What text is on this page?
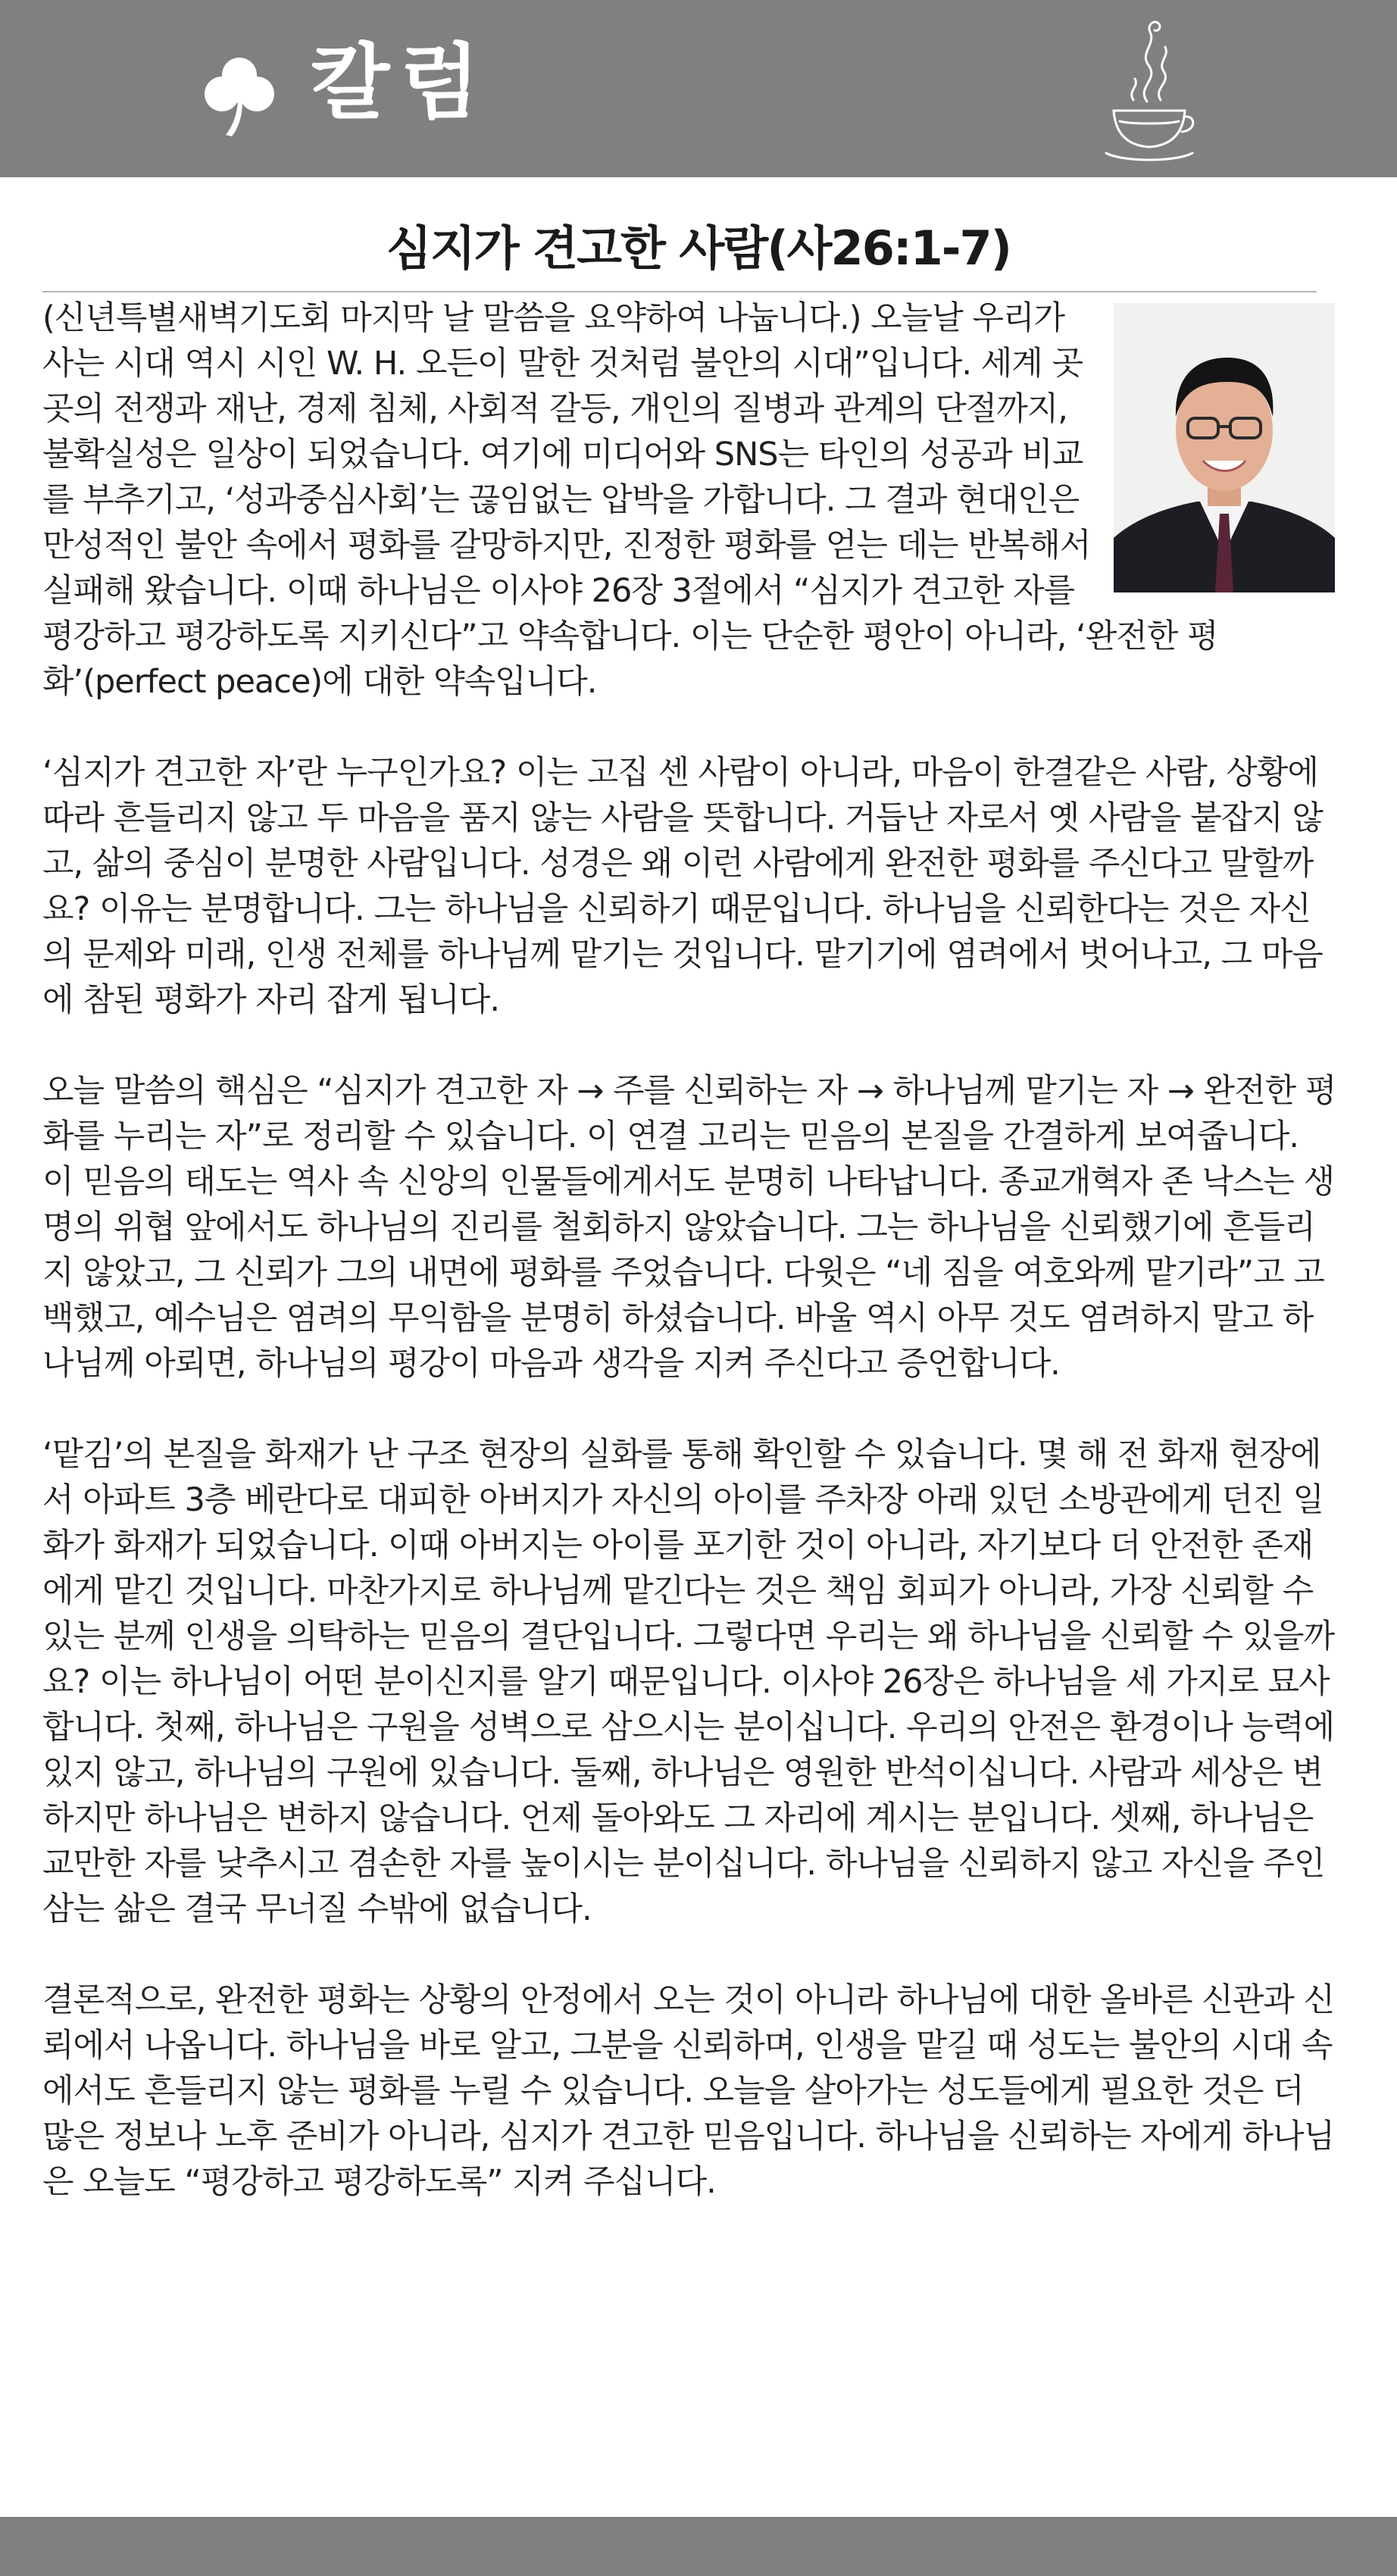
칼럼
심지가 견고한 사람(사26:1-7)

(신년특별새벽기도회 마지막 날 말씀을 요약하여 나눕니다.) 오늘날 우리가 사는 시대 역시 시인 W. H. 오든이 말한 것처럼 불안의 시대”입니다. 세계 곳곳의 전쟁과 재난, 경제 침체, 사회적 갈등, 개인의 질병과 관계의 단절까지, 불확실성은 일상이 되었습니다. 여기에 미디어와 SNS는 타인의 성공과 비교를 부추기고, ‘성과중심사회’는 끊임없는 압박을 가합니다. 그 결과 현대인은 만성적인 불안 속에서 평화를 갈망하지만, 진정한 평화를 얻는 데는 반복해서 실패해 왔습니다. 이때 하나님은 이사야 26장 3절에서 “심지가 견고한 자를 평강하고 평강하도록 지키신다”고 약속합니다. 이는 단순한 평안이 아니라, ‘완전한 평화’(perfect peace)에 대한 약속입니다.

‘심지가 견고한 자’란 누구인가요? 이는 고집 센 사람이 아니라, 마음이 한결같은 사람, 상황에 따라 흔들리지 않고 두 마음을 품지 않는 사람을 뜻합니다. 거듭난 자로서 옛 사람을 붙잡지 않고, 삶의 중심이 분명한 사람입니다. 성경은 왜 이런 사람에게 완전한 평화를 주신다고 말할까요? 이유는 분명합니다. 그는 하나님을 신뢰하기 때문입니다. 하나님을 신뢰한다는 것은 자신의 문제와 미래, 인생 전체를 하나님께 맡기는 것입니다. 맡기기에 염려에서 벗어나고, 그 마음에 참된 평화가 자리 잡게 됩니다.

오늘 말씀의 핵심은 “심지가 견고한 자 → 주를 신뢰하는 자 → 하나님께 맡기는 자 → 완전한 평화를 누리는 자”로 정리할 수 있습니다. 이 연결 고리는 믿음의 본질을 간결하게 보여줍니다. 이 믿음의 태도는 역사 속 신앙의 인물들에게서도 분명히 나타납니다. 종교개혁자 존 낙스는 생명의 위협 앞에서도 하나님의 진리를 철회하지 않았습니다. 그는 하나님을 신뢰했기에 흔들리지 않았고, 그 신뢰가 그의 내면에 평화를 주었습니다. 다윗은 “네 짐을 여호와께 맡기라”고 고백했고, 예수님은 염려의 무익함을 분명히 하셨습니다. 바울 역시 아무 것도 염려하지 말고 하나님께 아뢰면, 하나님의 평강이 마음과 생각을 지켜 주신다고 증언합니다.

‘맡김’의 본질을 화재가 난 구조 현장의 실화를 통해 확인할 수 있습니다. 몇 해 전 화재 현장에서 아파트 3층 베란다로 대피한 아버지가 자신의 아이를 주차장 아래 있던 소방관에게 던진 일화가 화재가 되었습니다. 이때 아버지는 아이를 포기한 것이 아니라, 자기보다 더 안전한 존재에게 맡긴 것입니다. 마찬가지로 하나님께 맡긴다는 것은 책임 회피가 아니라, 가장 신뢰할 수 있는 분께 인생을 의탁하는 믿음의 결단입니다. 그렇다면 우리는 왜 하나님을 신뢰할 수 있을까요? 이는 하나님이 어떤 분이신지를 알기 때문입니다. 이사야 26장은 하나님을 세 가지로 묘사합니다. 첫째, 하나님은 구원을 성벽으로 삼으시는 분이십니다. 우리의 안전은 환경이나 능력에 있지 않고, 하나님의 구원에 있습니다. 둘째, 하나님은 영원한 반석이십니다. 사람과 세상은 변하지만 하나님은 변하지 않습니다. 언제 돌아와도 그 자리에 계시는 분입니다. 셋째, 하나님은 교만한 자를 낮추시고 겸손한 자를 높이시는 분이십니다. 하나님을 신뢰하지 않고 자신을 주인 삼는 삶은 결국 무너질 수밖에 없습니다.

결론적으로, 완전한 평화는 상황의 안정에서 오는 것이 아니라 하나님에 대한 올바른 신관과 신뢰에서 나옵니다. 하나님을 바로 알고, 그분을 신뢰하며, 인생을 맡길 때 성도는 불안의 시대 속에서도 흔들리지 않는 평화를 누릴 수 있습니다. 오늘을 살아가는 성도들에게 필요한 것은 더 많은 정보나 노후 준비가 아니라, 심지가 견고한 믿음입니다. 하나님을 신뢰하는 자에게 하나님은 오늘도 “평강하고 평강하도록” 지켜 주십니다.
